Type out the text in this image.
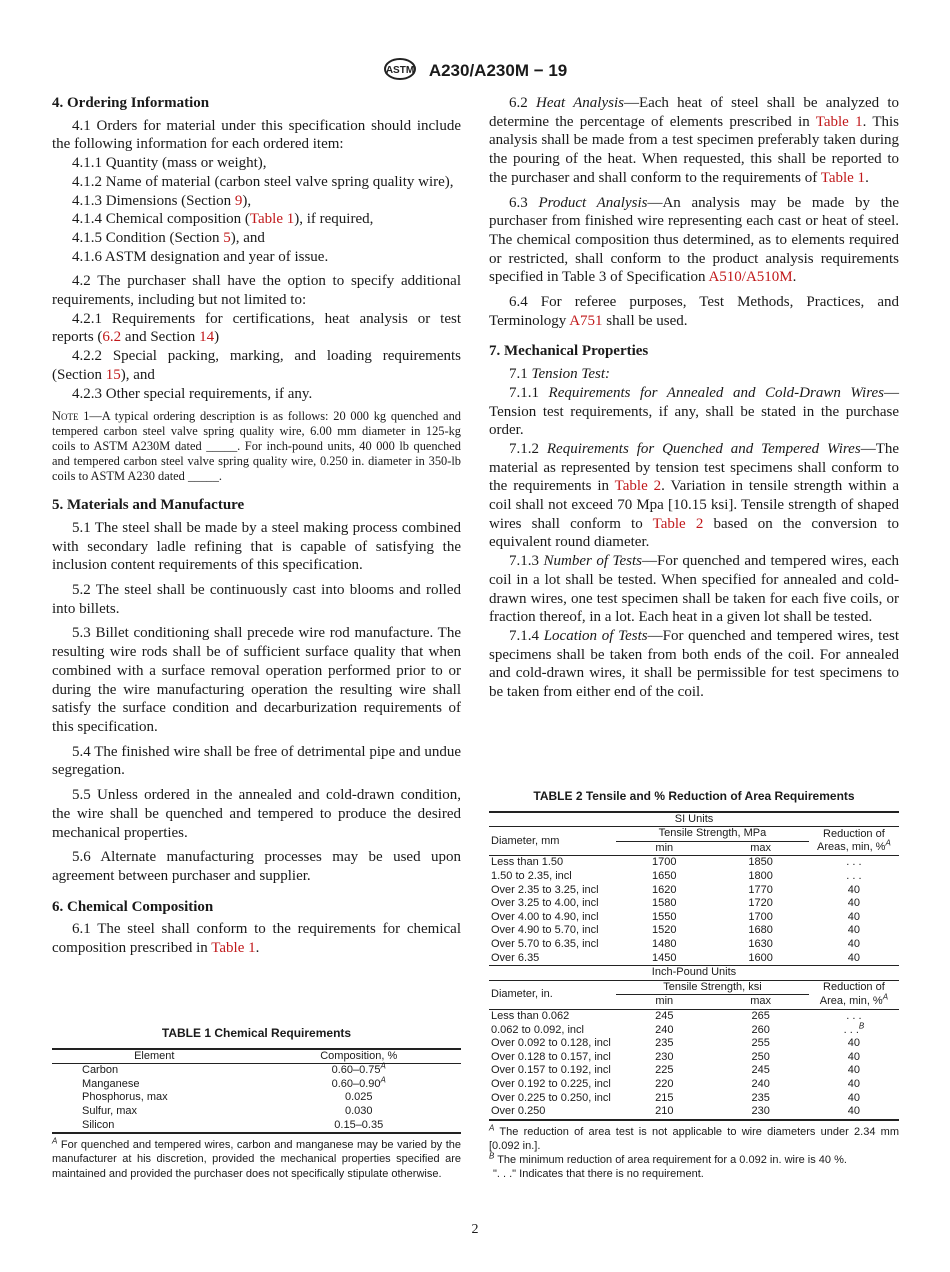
ASTM A230/A230M − 19
4. Ordering Information

4.1 Orders for material under this specification should include the following information for each ordered item:

4.1.1 Quantity (mass or weight),

4.1.2 Name of material (carbon steel valve spring quality wire),

4.1.3 Dimensions (Section 9),

4.1.4 Chemical composition (Table 1), if required,

4.1.5 Condition (Section 5), and

4.1.6 ASTM designation and year of issue.

4.2 The purchaser shall have the option to specify additional requirements, including but not limited to:

4.2.1 Requirements for certifications, heat analysis or test reports (6.2 and Section 14)

4.2.2 Special packing, marking, and loading requirements (Section 15), and

4.2.3 Other special requirements, if any.

Note 1—A typical ordering description is as follows: 20 000 kg quenched and tempered carbon steel valve spring quality wire, 6.00 mm diameter in 125-kg coils to ASTM A230M dated _____. For inch-pound units, 40 000 lb quenched and tempered carbon steel valve spring quality wire, 0.250 in. diameter in 350-lb coils to ASTM A230 dated _____.

5. Materials and Manufacture

5.1 The steel shall be made by a steel making process combined with secondary ladle refining that is capable of satisfying the inclusion content requirements of this specification.

5.2 The steel shall be continuously cast into blooms and rolled into billets.

5.3 Billet conditioning shall precede wire rod manufacture. The resulting wire rods shall be of sufficient surface quality that when combined with a surface removal operation performed prior to or during the wire manufacturing operation the resulting wire shall satisfy the surface condition and decarburization requirements of this specification.

5.4 The finished wire shall be free of detrimental pipe and undue segregation.

5.5 Unless ordered in the annealed and cold-drawn condition, the wire shall be quenched and tempered to produce the desired mechanical properties.

5.6 Alternate manufacturing processes may be used upon agreement between purchaser and supplier.

6. Chemical Composition

6.1 The steel shall conform to the requirements for chemical composition prescribed in Table 1.

6.2 Heat Analysis—Each heat of steel shall be analyzed to determine the percentage of elements prescribed in Table 1. This analysis shall be made from a test specimen preferably taken during the pouring of the heat. When requested, this shall be reported to the purchaser and shall conform to the requirements of Table 1.

6.3 Product Analysis—An analysis may be made by the purchaser from finished wire representing each cast or heat of steel. The chemical composition thus determined, as to elements required or restricted, shall conform to the product analysis requirements specified in Table 3 of Specification A510/A510M.

6.4 For referee purposes, Test Methods, Practices, and Terminology A751 shall be used.

7. Mechanical Properties

7.1 Tension Test:

7.1.1 Requirements for Annealed and Cold-Drawn Wires—Tension test requirements, if any, shall be stated in the purchase order.

7.1.2 Requirements for Quenched and Tempered Wires—The material as represented by tension test specimens shall conform to the requirements in Table 2. Variation in tensile strength within a coil shall not exceed 70 Mpa [10.15 ksi]. Tensile strength of shaped wires shall conform to Table 2 based on the conversion to equivalent round diameter.

7.1.3 Number of Tests—For quenched and tempered wires, each coil in a lot shall be tested. When specified for annealed and cold-drawn wires, one test specimen shall be taken for each five coils, or fraction thereof, in a lot. Each heat in a given lot shall be tested.

7.1.4 Location of Tests—For quenched and tempered wires, test specimens shall be taken from both ends of the coil. For annealed and cold-drawn wires, it shall be permissible for test specimens to be taken from either end of the coil.

TABLE 1 Chemical Requirements
Element	Composition, %
Carbon	$0.60-0.75^A$
Manganese	$0.60-0.90^A$
Phosphorus, max	0.025
Sulfur, max	0.030
Silicon	0.15–0.35
$^A$ For quenched and tempered wires, carbon and manganese may be varied by the manufacturer at his discretion, provided the mechanical properties specified are maintained and provided the purchaser does not specifically stipulate otherwise.
TABLE 2 Tensile and % Reduction of Area Requirements
SI Units			
Diameter, mm	Tensile Strength, MPa		Reduction of Areas, min, %$^A$
	min	max	
Less than 1.50	1700	1850	. . .
1.50 to 2.35, incl	1650	1800	. . .
Over 2.35 to 3.25, incl	1620	1770	40
Over 3.25 to 4.00, incl	1580	1720	40
Over 4.00 to 4.90, incl	1550	1700	40
Over 4.90 to 5.70, incl	1520	1680	40
Over 5.70 to 6.35, incl	1480	1630	40
Over 6.35	1450	1600	40
Inch-Pound Units			
Diameter, in.	Tensile Strength, ksi		Reduction of Area, min, %$^A$
	min	max	
Less than 0.062	245	265	. . .
0.062 to 0.092, incl	240	260	. . .$^B$
Over 0.092 to 0.128, incl	235	255	40
Over 0.128 to 0.157, incl	230	250	40
Over 0.157 to 0.192, incl	225	245	40
Over 0.192 to 0.225, incl	220	240	40
Over 0.225 to 0.250, incl	215	235	40
Over 0.250	210	230	40
$^A$ The reduction of area test is not applicable to wire diameters under 2.34 mm [0.092 in.].
$^B$ The minimum reduction of area requirement for a 0.092 in. wire is 40 %.
". . ." Indicates that there is no requirement.
2
